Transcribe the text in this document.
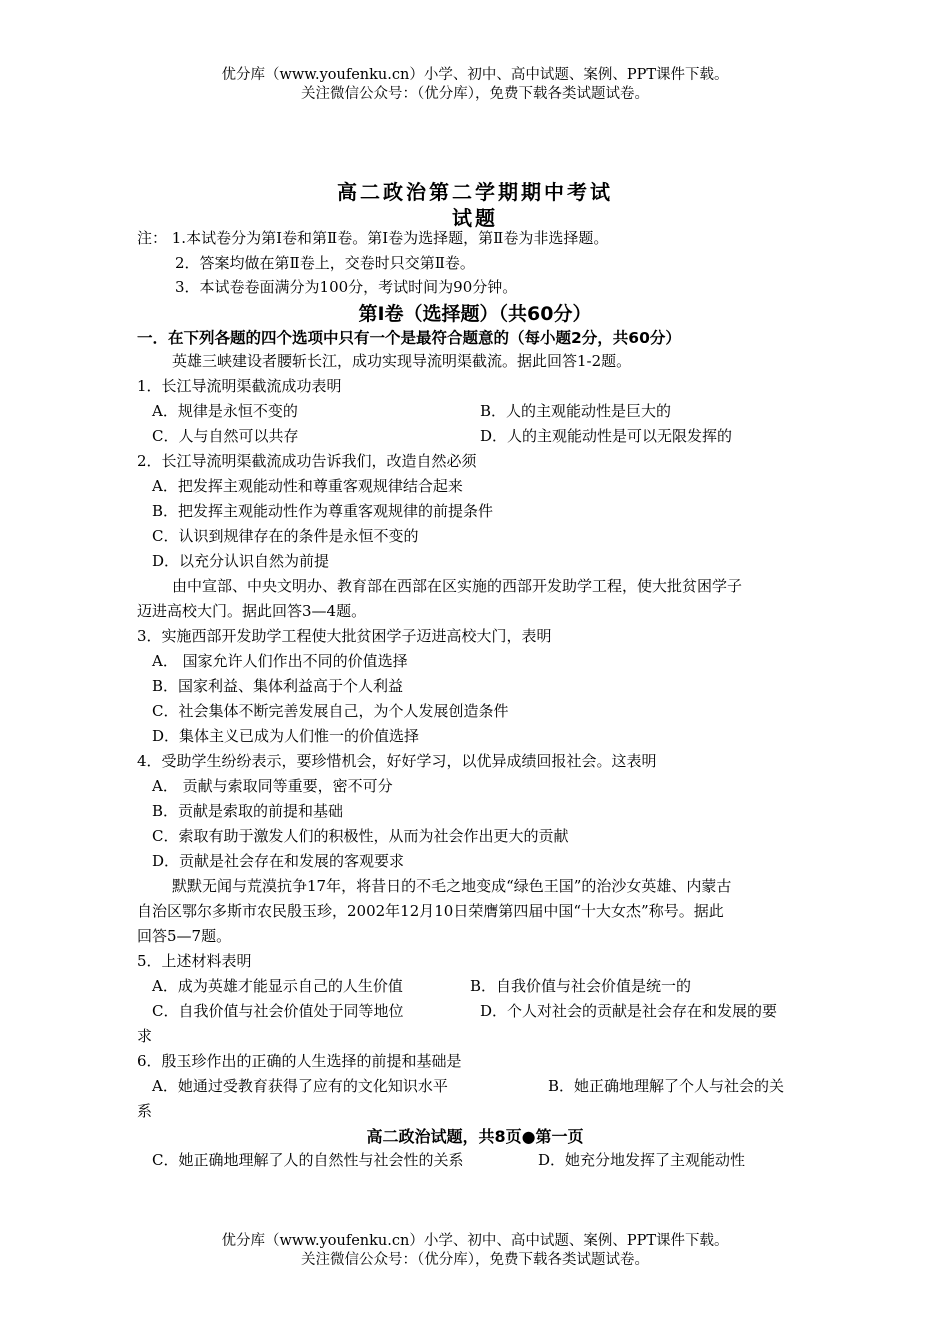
优分库（www.youfenku.cn）小学、初中、高中试题、案例、PPT课件下载。
关注微信公众号：（优分库），免费下载各类试题试卷。
高二政治第二学期期中考试
试题
注： 1.本试卷分为第Ⅰ卷和第Ⅱ卷。第Ⅰ卷为选择题，第Ⅱ卷为非选择题。
2．答案均做在第Ⅱ卷上，交卷时只交第Ⅱ卷。
3．本试卷卷面满分为100分，考试时间为90分钟。
第Ⅰ卷（选择题）（共60分）
一．在下列各题的四个选项中只有一个是最符合题意的（每小题2分，共60分）
英雄三峡建设者腰斩长江，成功实现导流明渠截流。据此回答1-2题。
1．长江导流明渠截流成功表明
A．规律是永恒不变的	B．人的主观能动性是巨大的
C．人与自然可以共存	D．人的主观能动性是可以无限发挥的
2．长江导流明渠截流成功告诉我们，改造自然必须
A．把发挥主观能动性和尊重客观规律结合起来
B．把发挥主观能动性作为尊重客观规律的前提条件
C．认识到规律存在的条件是永恒不变的
D．以充分认识自然为前提
由中宣部、中央文明办、教育部在西部在区实施的西部开发助学工程，使大批贫困学子
迈进高校大门。据此回答3—4题。
3．实施西部开发助学工程使大批贫困学子迈进高校大门，表明
A． 国家允许人们作出不同的价值选择
B．国家利益、集体利益高于个人利益
C．社会集体不断完善发展自己，为个人发展创造条件
D．集体主义已成为人们惟一的价值选择
4．受助学生纷纷表示，要珍惜机会，好好学习，以优异成绩回报社会。这表明
A． 贡献与索取同等重要，密不可分
B．贡献是索取的前提和基础
C．索取有助于激发人们的积极性，从而为社会作出更大的贡献
D．贡献是社会存在和发展的客观要求
默默无闻与荒漠抗争17年，将昔日的不毛之地变成“绿色王国”的治沙女英雄、内蒙古
自治区鄂尔多斯市农民殷玉珍，2002年12月10日荣膺第四届中国“十大女杰”称号。据此
回答5—7题。
5．上述材料表明
A．成为英雄才能显示自己的人生价值	B．自我价值与社会价值是统一的
C．自我价值与社会价值处于同等地位	D．个人对社会的贡献是社会存在和发展的要
求
6．殷玉珍作出的正确的人生选择的前提和基础是
A．她通过受教育获得了应有的文化知识水平	B．她正确地理解了个人与社会的关
系
高二政治试题，共8页●第一页
C．她正确地理解了人的自然性与社会性的关系	D．她充分地发挥了主观能动性
优分库（www.youfenku.cn）小学、初中、高中试题、案例、PPT课件下载。
关注微信公众号：（优分库），免费下载各类试题试卷。
